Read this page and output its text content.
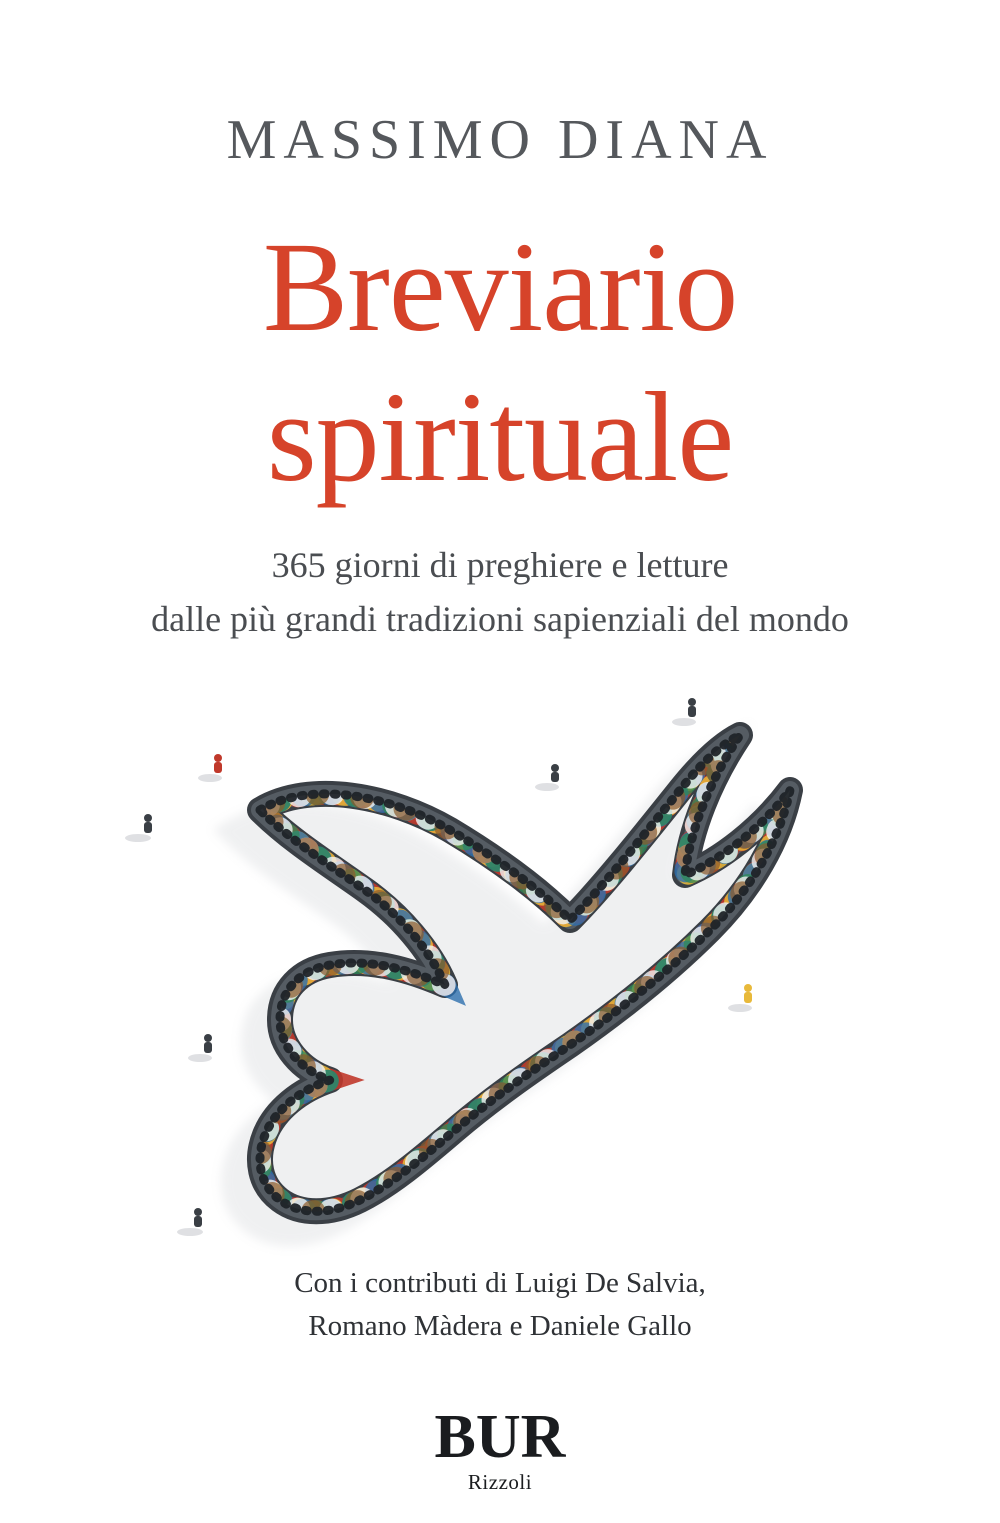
MASSIMO DIANA
Breviario
spirituale
365 giorni di preghiere e letture
dalle più grandi tradizioni sapienziali del mondo
Con i contributi di Luigi De Salvia,
Romano Màdera e Daniele Gallo
BUR
Rizzoli
